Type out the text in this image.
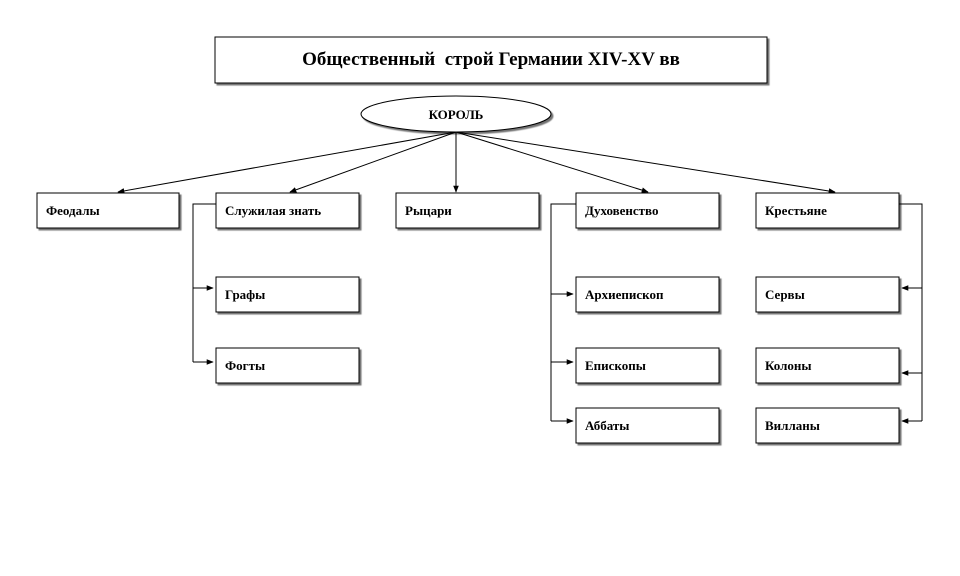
Общественный  строй Германии XIV-XV вв
КОРОЛЬ
Феодалы	Служилая знать	Рыцари	Духовенство	Крестьяне
Графы
Фогты
Архиепископ
Епископы
Аббаты
Сервы
Колоны
Вилланы
